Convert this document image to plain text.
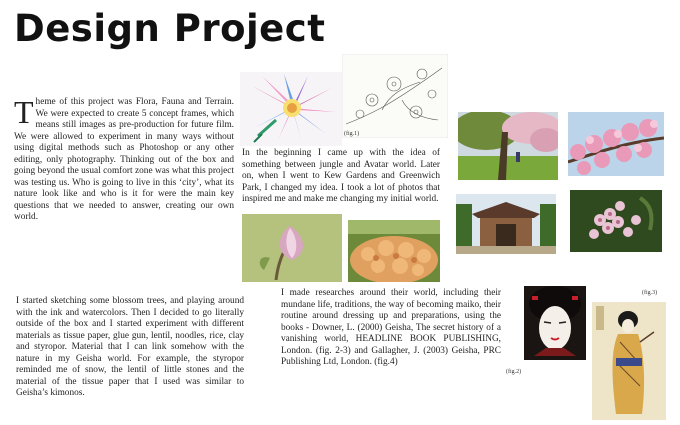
Design Project

Theme of this project was Flora, Fauna and Terrain. We were expected to create 5 concept frames, which means still images as pre-production for future film. We were allowed to experiment in many ways without using digital methods such as Photoshop or any other editing, only photography. Thinking out of the box and going beyond the usual comfort zone was what this project was testing us. Who is going to live in this ‘city’, what its nature look like and who is it for were the main key questions that we needed to answer, creating our own world.

(fig.1)

In the beginning I came up with the idea of something between jungle and Avatar world. Later on, when I went to Kew Gardens and Greenwich Park, I changed my idea. I took a lot of photos that inspired me and make me changing my initial world.

I started sketching some blossom trees, and playing around with the ink and watercolors. Then I decided to go literally outside of the box and I started experiment with different materials as tissue paper, glue gun, lentil, noodles, rice, clay and styropor. Material that I can link somehow with the nature in my Geisha world. For example, the styropor reminded me of snow, the lentil of little stones and the material of the tissue paper that I used was similar to Geisha’s kimonos.

I made researches around their world, including their mundane life, traditions, the way of becoming maiko, their routine around dressing up and preparations, using the books - Downer, L. (2000) Geisha, The secret history of a vanishing world, HEADLINE BOOK PUBLISHING, London. (fig. 2-3) and Gallagher, J. (2003) Geisha, PRC Publishing Ltd, London. (fig.4)

(fig.2)
(fig.3)
